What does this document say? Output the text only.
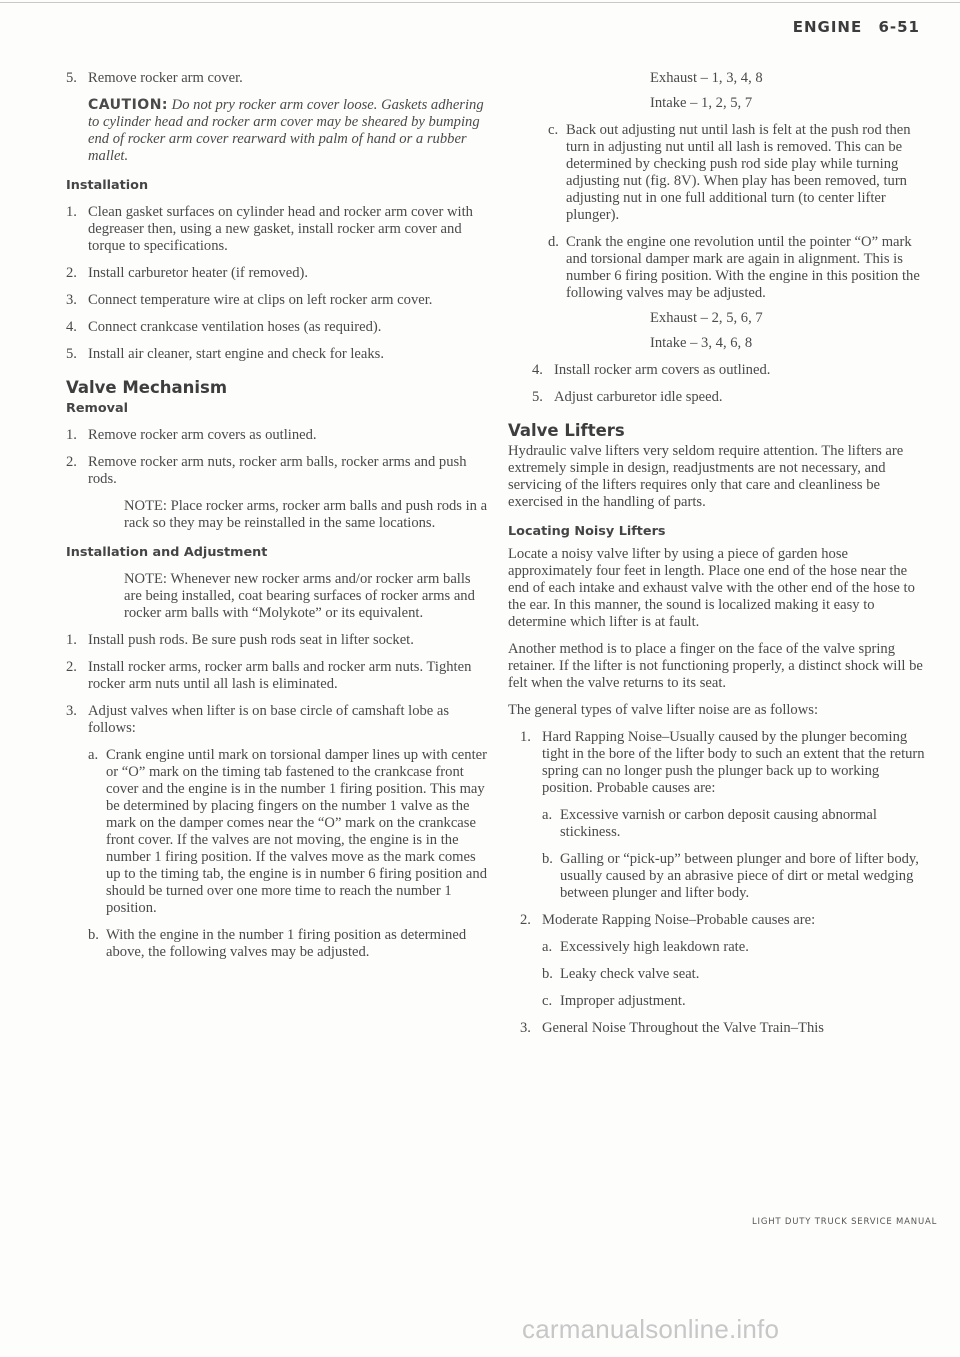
ENGINE 6-51
5. Remove rocker arm cover.

CAUTION: Do not pry rocker arm cover loose. Gaskets adhering to cylinder head and rocker arm cover may be sheared by bumping end of rocker arm cover rearward with palm of hand or a rubber mallet.

Installation
1. Clean gasket surfaces on cylinder head and rocker arm cover with degreaser then, using a new gasket, install rocker arm cover and torque to specifications.
2. Install carburetor heater (if removed).
3. Connect temperature wire at clips on left rocker arm cover.
4. Connect crankcase ventilation hoses (as required).
5. Install air cleaner, start engine and check for leaks.
Valve Mechanism
Removal
1. Remove rocker arm covers as outlined.
2. Remove rocker arm nuts, rocker arm balls, rocker arms and push rods.

NOTE: Place rocker arms, rocker arm balls and push rods in a rack so they may be reinstalled in the same locations.

Installation and Adjustment

NOTE: Whenever new rocker arms and/or rocker arm balls are being installed, coat bearing surfaces of rocker arms and rocker arm balls with “Molykote” or its equivalent.

1. Install push rods. Be sure push rods seat in lifter socket.
2. Install rocker arms, rocker arm balls and rocker arm nuts. Tighten rocker arm nuts until all lash is eliminated.
3. Adjust valves when lifter is on base circle of camshaft lobe as follows:
a. Crank engine until mark on torsional damper lines up with center or “O” mark on the timing tab fastened to the crankcase front cover and the engine is in the number 1 firing position. This may be determined by placing fingers on the number 1 valve as the mark on the damper comes near the “O” mark on the crankcase front cover. If the valves are not moving, the engine is in the number 1 firing position. If the valves move as the mark comes up to the timing tab, the engine is in number 6 firing position and should be turned over one more time to reach the number 1 position.
b. With the engine in the number 1 firing position as determined above, the following valves may be adjusted.

Exhaust – 1, 3, 4, 8

Intake – 1, 2, 5, 7

c. Back out adjusting nut until lash is felt at the push rod then turn in adjusting nut until all lash is removed. This can be determined by checking push rod side play while turning adjusting nut (fig. 8V). When play has been removed, turn adjusting nut in one full additional turn (to center lifter plunger).
d. Crank the engine one revolution until the pointer “O” mark and torsional damper mark are again in alignment. This is number 6 firing position. With the engine in this position the following valves may be adjusted.

Exhaust – 2, 5, 6, 7

Intake – 3, 4, 6, 8

4. Install rocker arm covers as outlined.
5. Adjust carburetor idle speed.
Valve Lifters

Hydraulic valve lifters very seldom require attention. The lifters are extremely simple in design, readjustments are not necessary, and servicing of the lifters requires only that care and cleanliness be exercised in the handling of parts.

Locating Noisy Lifters

Locate a noisy valve lifter by using a piece of garden hose approximately four feet in length. Place one end of the hose near the end of each intake and exhaust valve with the other end of the hose to the ear. In this manner, the sound is localized making it easy to determine which lifter is at fault.

Another method is to place a finger on the face of the valve spring retainer. If the lifter is not functioning properly, a distinct shock will be felt when the valve returns to its seat.

The general types of valve lifter noise are as follows:

1. Hard Rapping Noise–Usually caused by the plunger becoming tight in the bore of the lifter body to such an extent that the return spring can no longer push the plunger back up to working position. Probable causes are:
a. Excessive varnish or carbon deposit causing abnormal stickiness.
b. Galling or “pick-up” between plunger and bore of lifter body, usually caused by an abrasive piece of dirt or metal wedging between plunger and lifter body.
2. Moderate Rapping Noise–Probable causes are:
a. Excessively high leakdown rate.
b. Leaky check valve seat.
c. Improper adjustment.
3. General Noise Throughout the Valve Train–This
LIGHT DUTY TRUCK SERVICE MANUAL
carmanualsonline.info
